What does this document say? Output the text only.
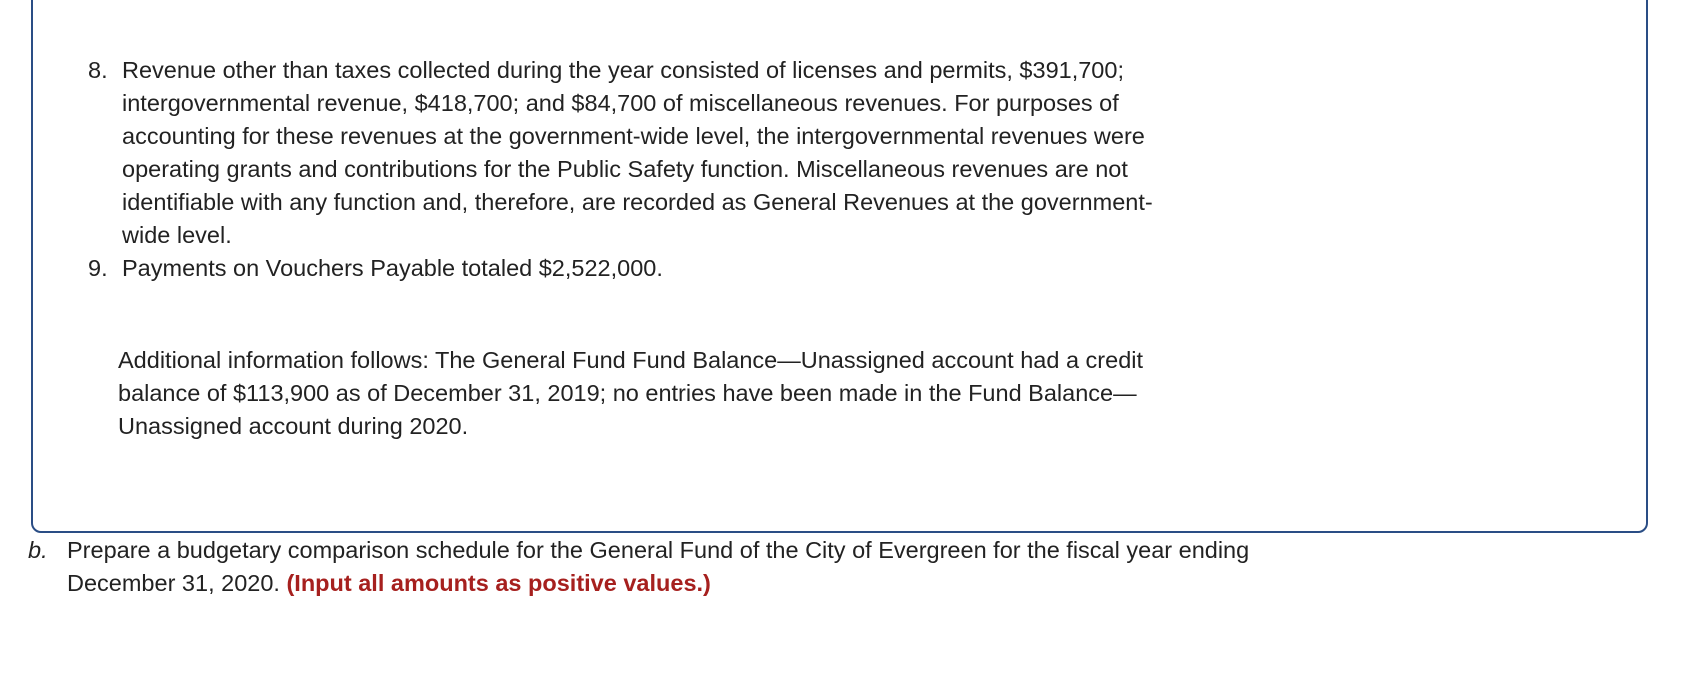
8. Revenue other than taxes collected during the year consisted of licenses and permits, $391,700;
intergovernmental revenue, $418,700; and $84,700 of miscellaneous revenues. For purposes of
accounting for these revenues at the government-wide level, the intergovernmental revenues were
operating grants and contributions for the Public Safety function. Miscellaneous revenues are not
identifiable with any function and, therefore, are recorded as General Revenues at the government-
wide level.
9. Payments on Vouchers Payable totaled $2,522,000.
Additional information follows: The General Fund Fund Balance—Unassigned account had a credit
balance of $113,900 as of December 31, 2019; no entries have been made in the Fund Balance—
Unassigned account during 2020.
b. Prepare a budgetary comparison schedule for the General Fund of the City of Evergreen for the fiscal year ending
December 31, 2020. (Input all amounts as positive values.)
